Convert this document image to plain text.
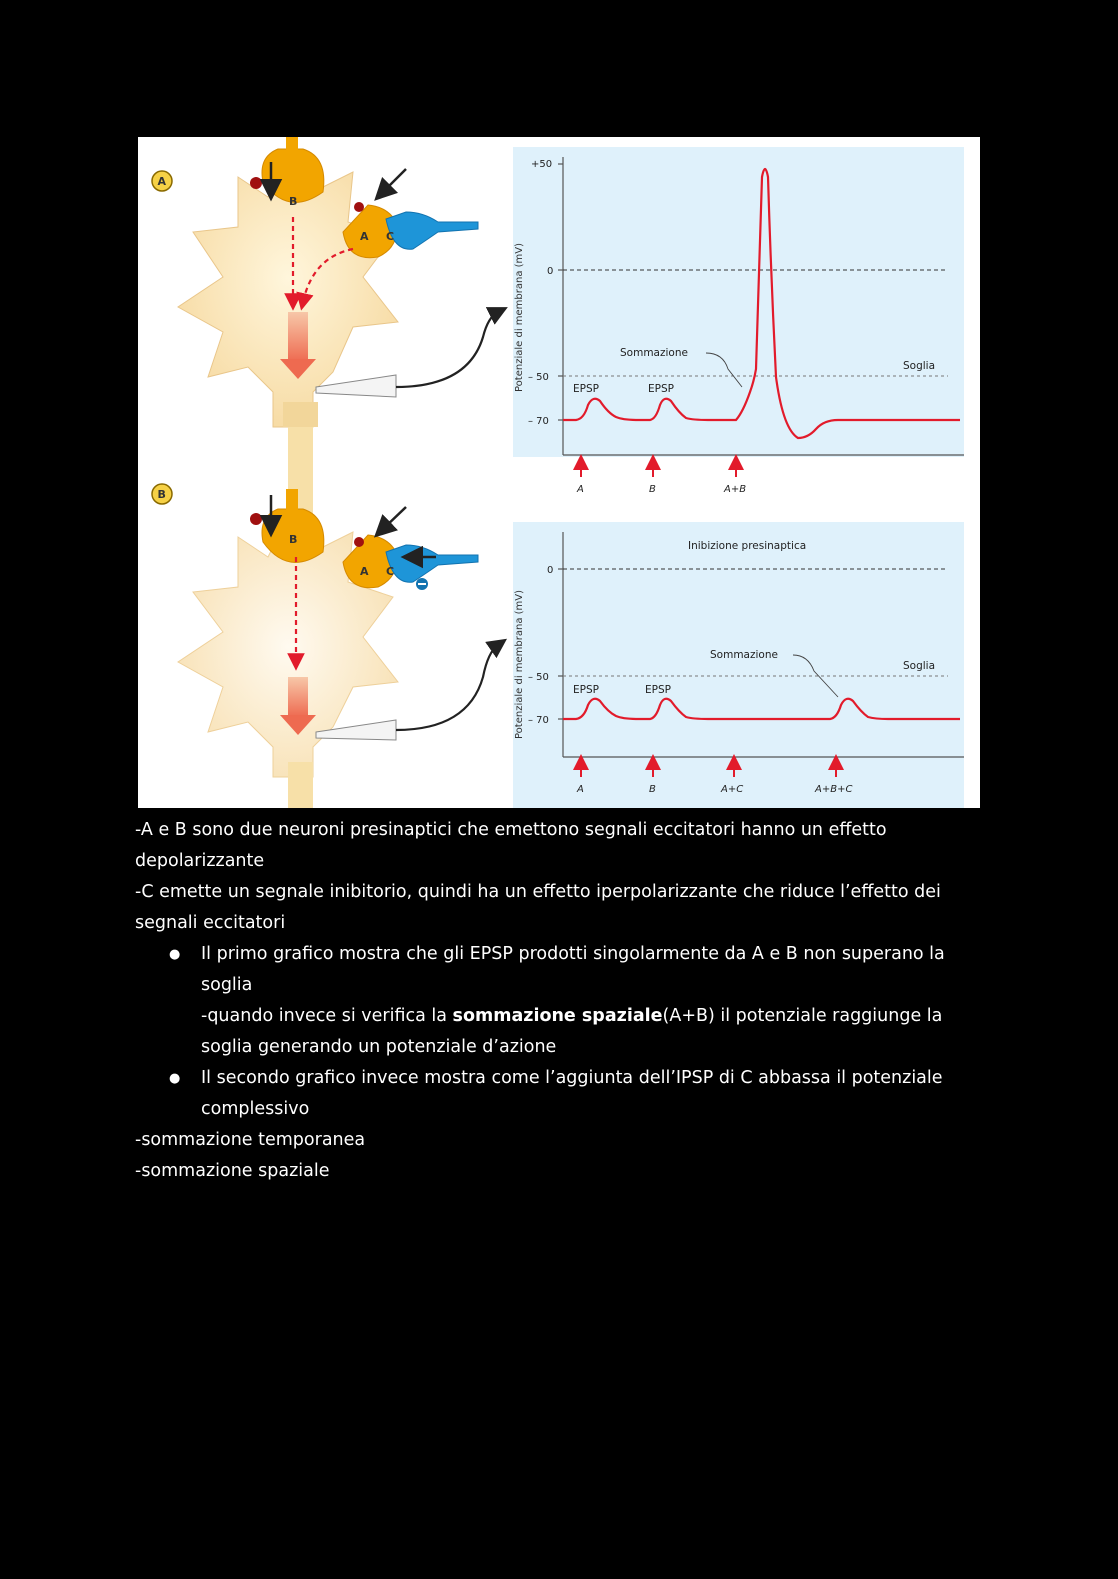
B
A C
A
+50
0
– 50
– 70
Potenziale di membrana (mV)	EPSP	EPSP
Sommazione
Soglia
A	B	A+B
B
A C
B
Inibizione presinaptica
0
– 50
– 70
Potenziale di membrana (mV)	EPSP	EPSP
Sommazione
Soglia
A	B	A+C	A+B+C

-A e B sono due neuroni presinaptici che emettono segnali eccitatori hanno un effetto depolarizzante

-C emette un segnale inibitorio, quindi ha un effetto iperpolarizzante che riduce l’effetto dei segnali eccitatori

● Il primo grafico mostra che gli EPSP prodotti singolarmente da A e B non superano la soglia
-quando invece si verifica la sommazione spaziale(A+B) il potenziale raggiunge la soglia generando un potenziale d’azione
● Il secondo grafico invece mostra come l’aggiunta dell’IPSP di C abbassa il potenziale complessivo

-sommazione temporanea

-sommazione spaziale
